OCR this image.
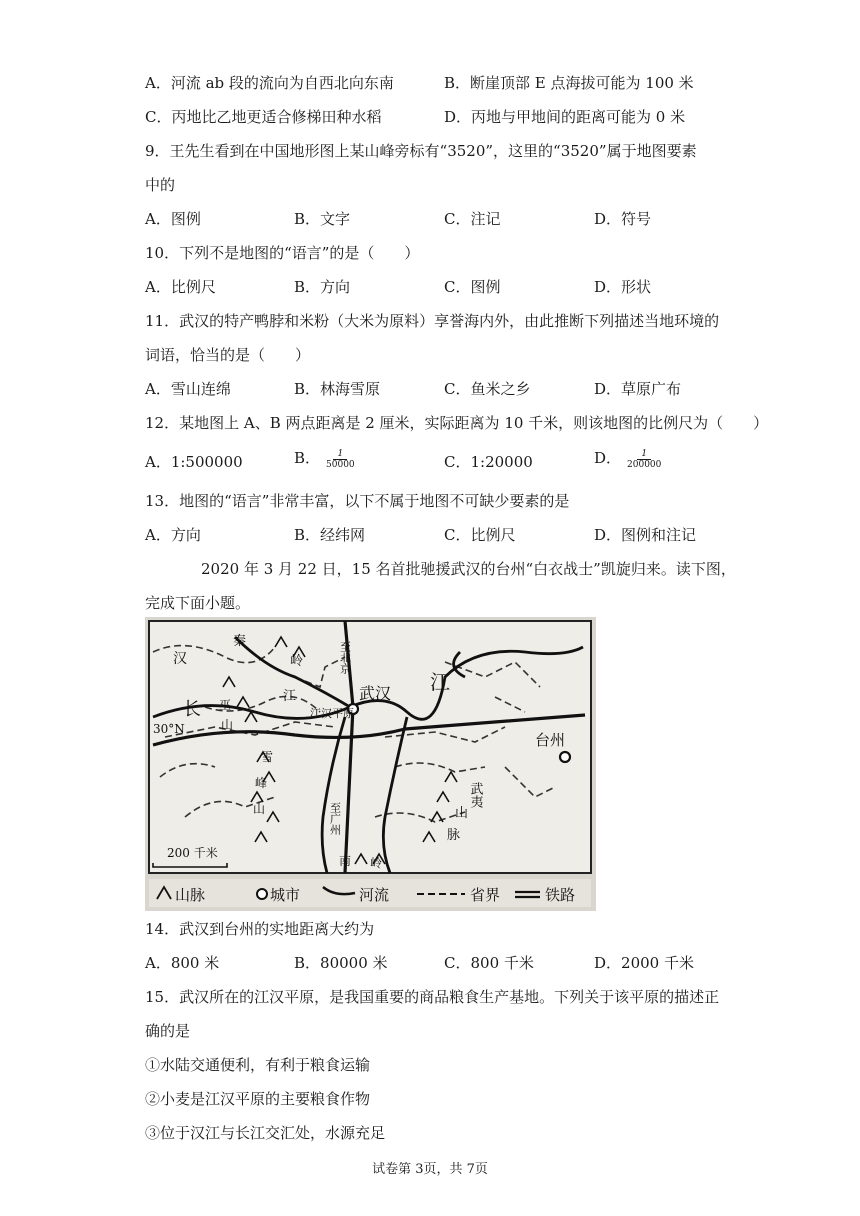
A．河流 ab 段的流向为自西北向东南	B．断崖顶部 E 点海拔可能为 100 米
C．丙地比乙地更适合修梯田种水稻	D．丙地与甲地间的距离可能为 0 米
9．王先生看到在中国地形图上某山峰旁标有“3520”，这里的“3520”属于地图要素
中的
A．图例	B．文字	C．注记	D．符号
10．下列不是地图的“语言”的是（　　）
A．比例尺	B．方向	C．图例	D．形状
11．武汉的特产鸭脖和米粉（大米为原料）享誉海内外，由此推断下列描述当地环境的
词语，恰当的是（　　）
A．雪山连绵	B．林海雪原	C．鱼米之乡	D．草原广布
12．某地图上 A、B 两点距离是 2 厘米，实际距离为 10 千米，则该地图的比例尺为（　　）
A．1:500000	B． $\frac{1}{50000}$	C．1:20000	D． $\frac{1}{200000}$
13．地图的“语言”非常丰富，以下不属于地图不可缺少要素的是
A．方向	B．经纬网	C．比例尺	D．图例和注记
2020 年 3 月 22 日，15 名首批驰援武汉的台州“白衣战士”凯旋归来。读下图，
完成下面小题。
秦
岭
汉
江
江
长 巫
山
至北京
武汉
江汉平原
台州
30°N
雪
峰
山	至广州
南 岭
武夷
山
脉
200 千米
山脉	城市	河流	省界	铁路
14．武汉到台州的实地距离大约为
A．800 米	B．80000 米	C．800 千米	D．2000 千米
15．武汉所在的江汉平原，是我国重要的商品粮食生产基地。下列关于该平原的描述正
确的是
①水陆交通便利，有利于粮食运输
②小麦是江汉平原的主要粮食作物
③位于汉江与长江交汇处，水源充足
试卷第 3页，共 7页
